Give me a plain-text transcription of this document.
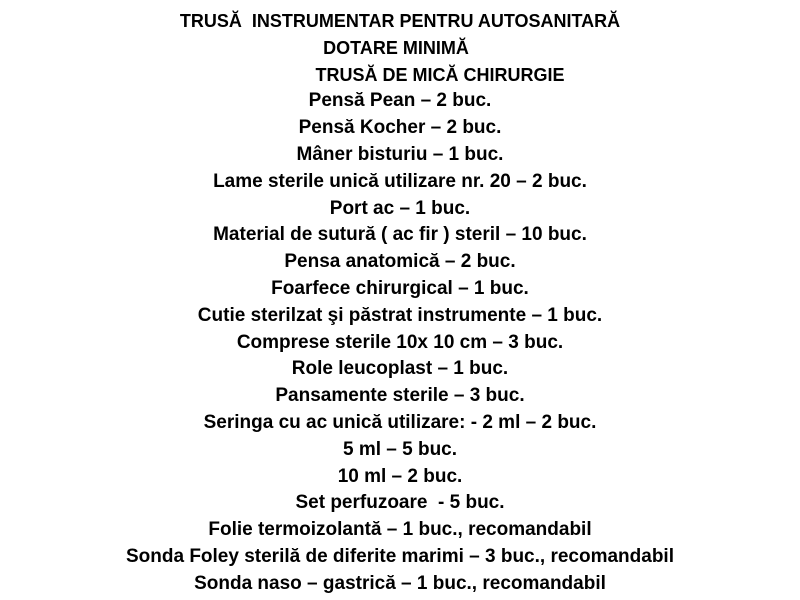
TRUSĂ  INSTRUMENTAR PENTRU AUTOSANITARĂ
DOTARE MINIMĂ
TRUSĂ DE MICĂ CHIRURGIE
Pensă Pean – 2 buc.
Pensă Kocher – 2 buc.
Mâner bisturiu – 1 buc.
Lame sterile unică utilizare nr. 20 – 2 buc.
Port ac – 1 buc.
Material de sutură ( ac fir ) steril – 10 buc.
Pensa anatomică – 2 buc.
Foarfece chirurgical – 1 buc.
Cutie sterilzat şi păstrat instrumente – 1 buc.
Comprese sterile 10x 10 cm – 3 buc.
Role leucoplast – 1 buc.
Pansamente sterile – 3 buc.
Seringa cu ac unică utilizare: - 2 ml – 2 buc.
5 ml – 5 buc.
10 ml – 2 buc.
Set perfuzoare  - 5 buc.
Folie termoizolantă – 1 buc., recomandabil
Sonda Foley sterilă de diferite marimi – 3 buc., recomandabil
Sonda naso – gastrică – 1 buc., recomandabil
